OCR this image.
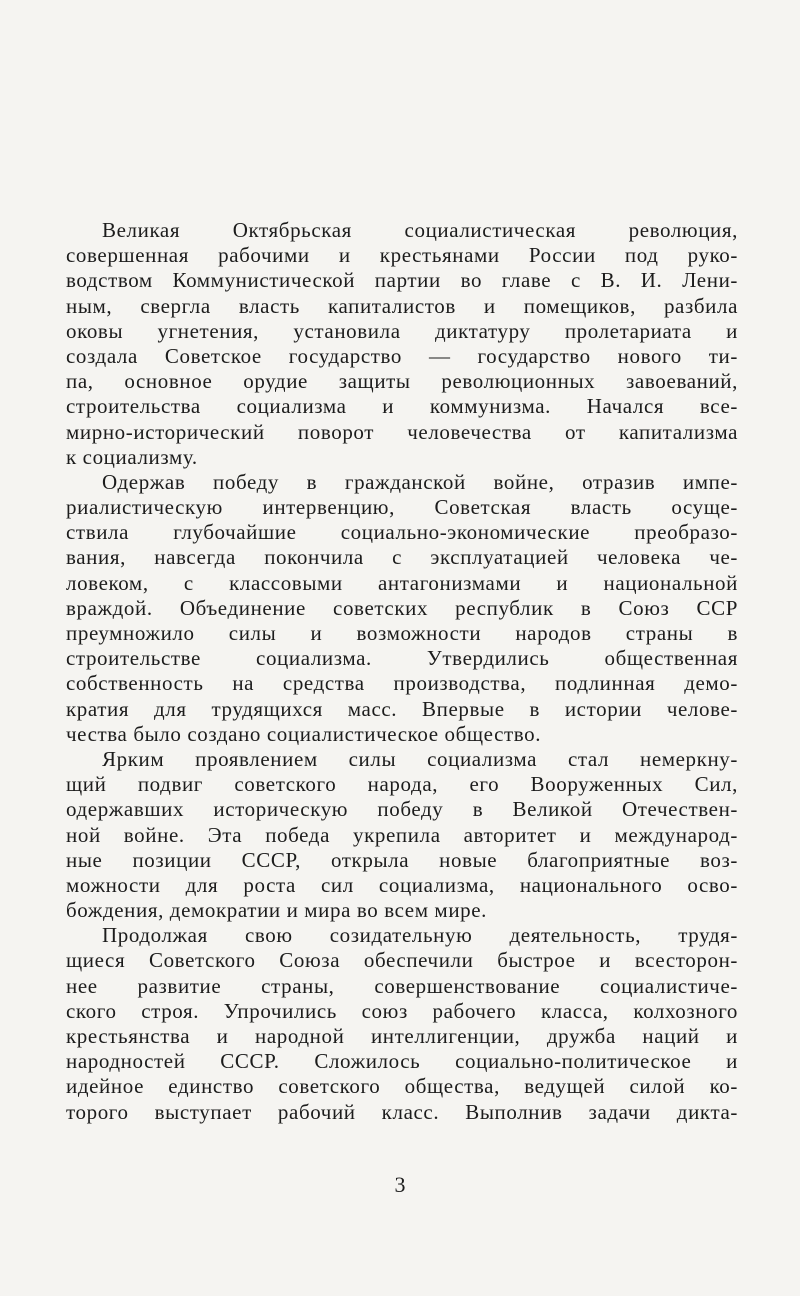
Великая Октябрьская социалистическая революция,
совершенная рабочими и крестьянами России под руко-
водством Коммунистической партии во главе с В. И. Лени-
ным, свергла власть капиталистов и помещиков, разбила
оковы угнетения, установила диктатуру пролетариата и
создала Советское государство — государство нового ти-
па, основное орудие защиты революционных завоеваний,
строительства социализма и коммунизма. Начался все-
мирно-исторический поворот человечества от капитализма
к социализму.

Одержав победу в гражданской войне, отразив импе-
риалистическую интервенцию, Советская власть осуще-
ствила глубочайшие социально-экономические преобразо-
вания, навсегда покончила с эксплуатацией человека че-
ловеком, с классовыми антагонизмами и национальной
враждой. Объединение советских республик в Союз ССР
преумножило силы и возможности народов страны в
строительстве социализма. Утвердились общественная
собственность на средства производства, подлинная демо-
кратия для трудящихся масс. Впервые в истории челове-
чества было создано социалистическое общество.

Ярким проявлением силы социализма стал немеркну-
щий подвиг советского народа, его Вооруженных Сил,
одержавших историческую победу в Великой Отечествен-
ной войне. Эта победа укрепила авторитет и международ-
ные позиции СССР, открыла новые благоприятные воз-
можности для роста сил социализма, национального осво-
бождения, демократии и мира во всем мире.

Продолжая свою созидательную деятельность, трудя-
щиеся Советского Союза обеспечили быстрое и всесторон-
нее развитие страны, совершенствование социалистиче-
ского строя. Упрочились союз рабочего класса, колхозного
крестьянства и народной интеллигенции, дружба наций и
народностей СССР. Сложилось социально-политическое и
идейное единство советского общества, ведущей силой ко-
торого выступает рабочий класс. Выполнив задачи дикта-

3
